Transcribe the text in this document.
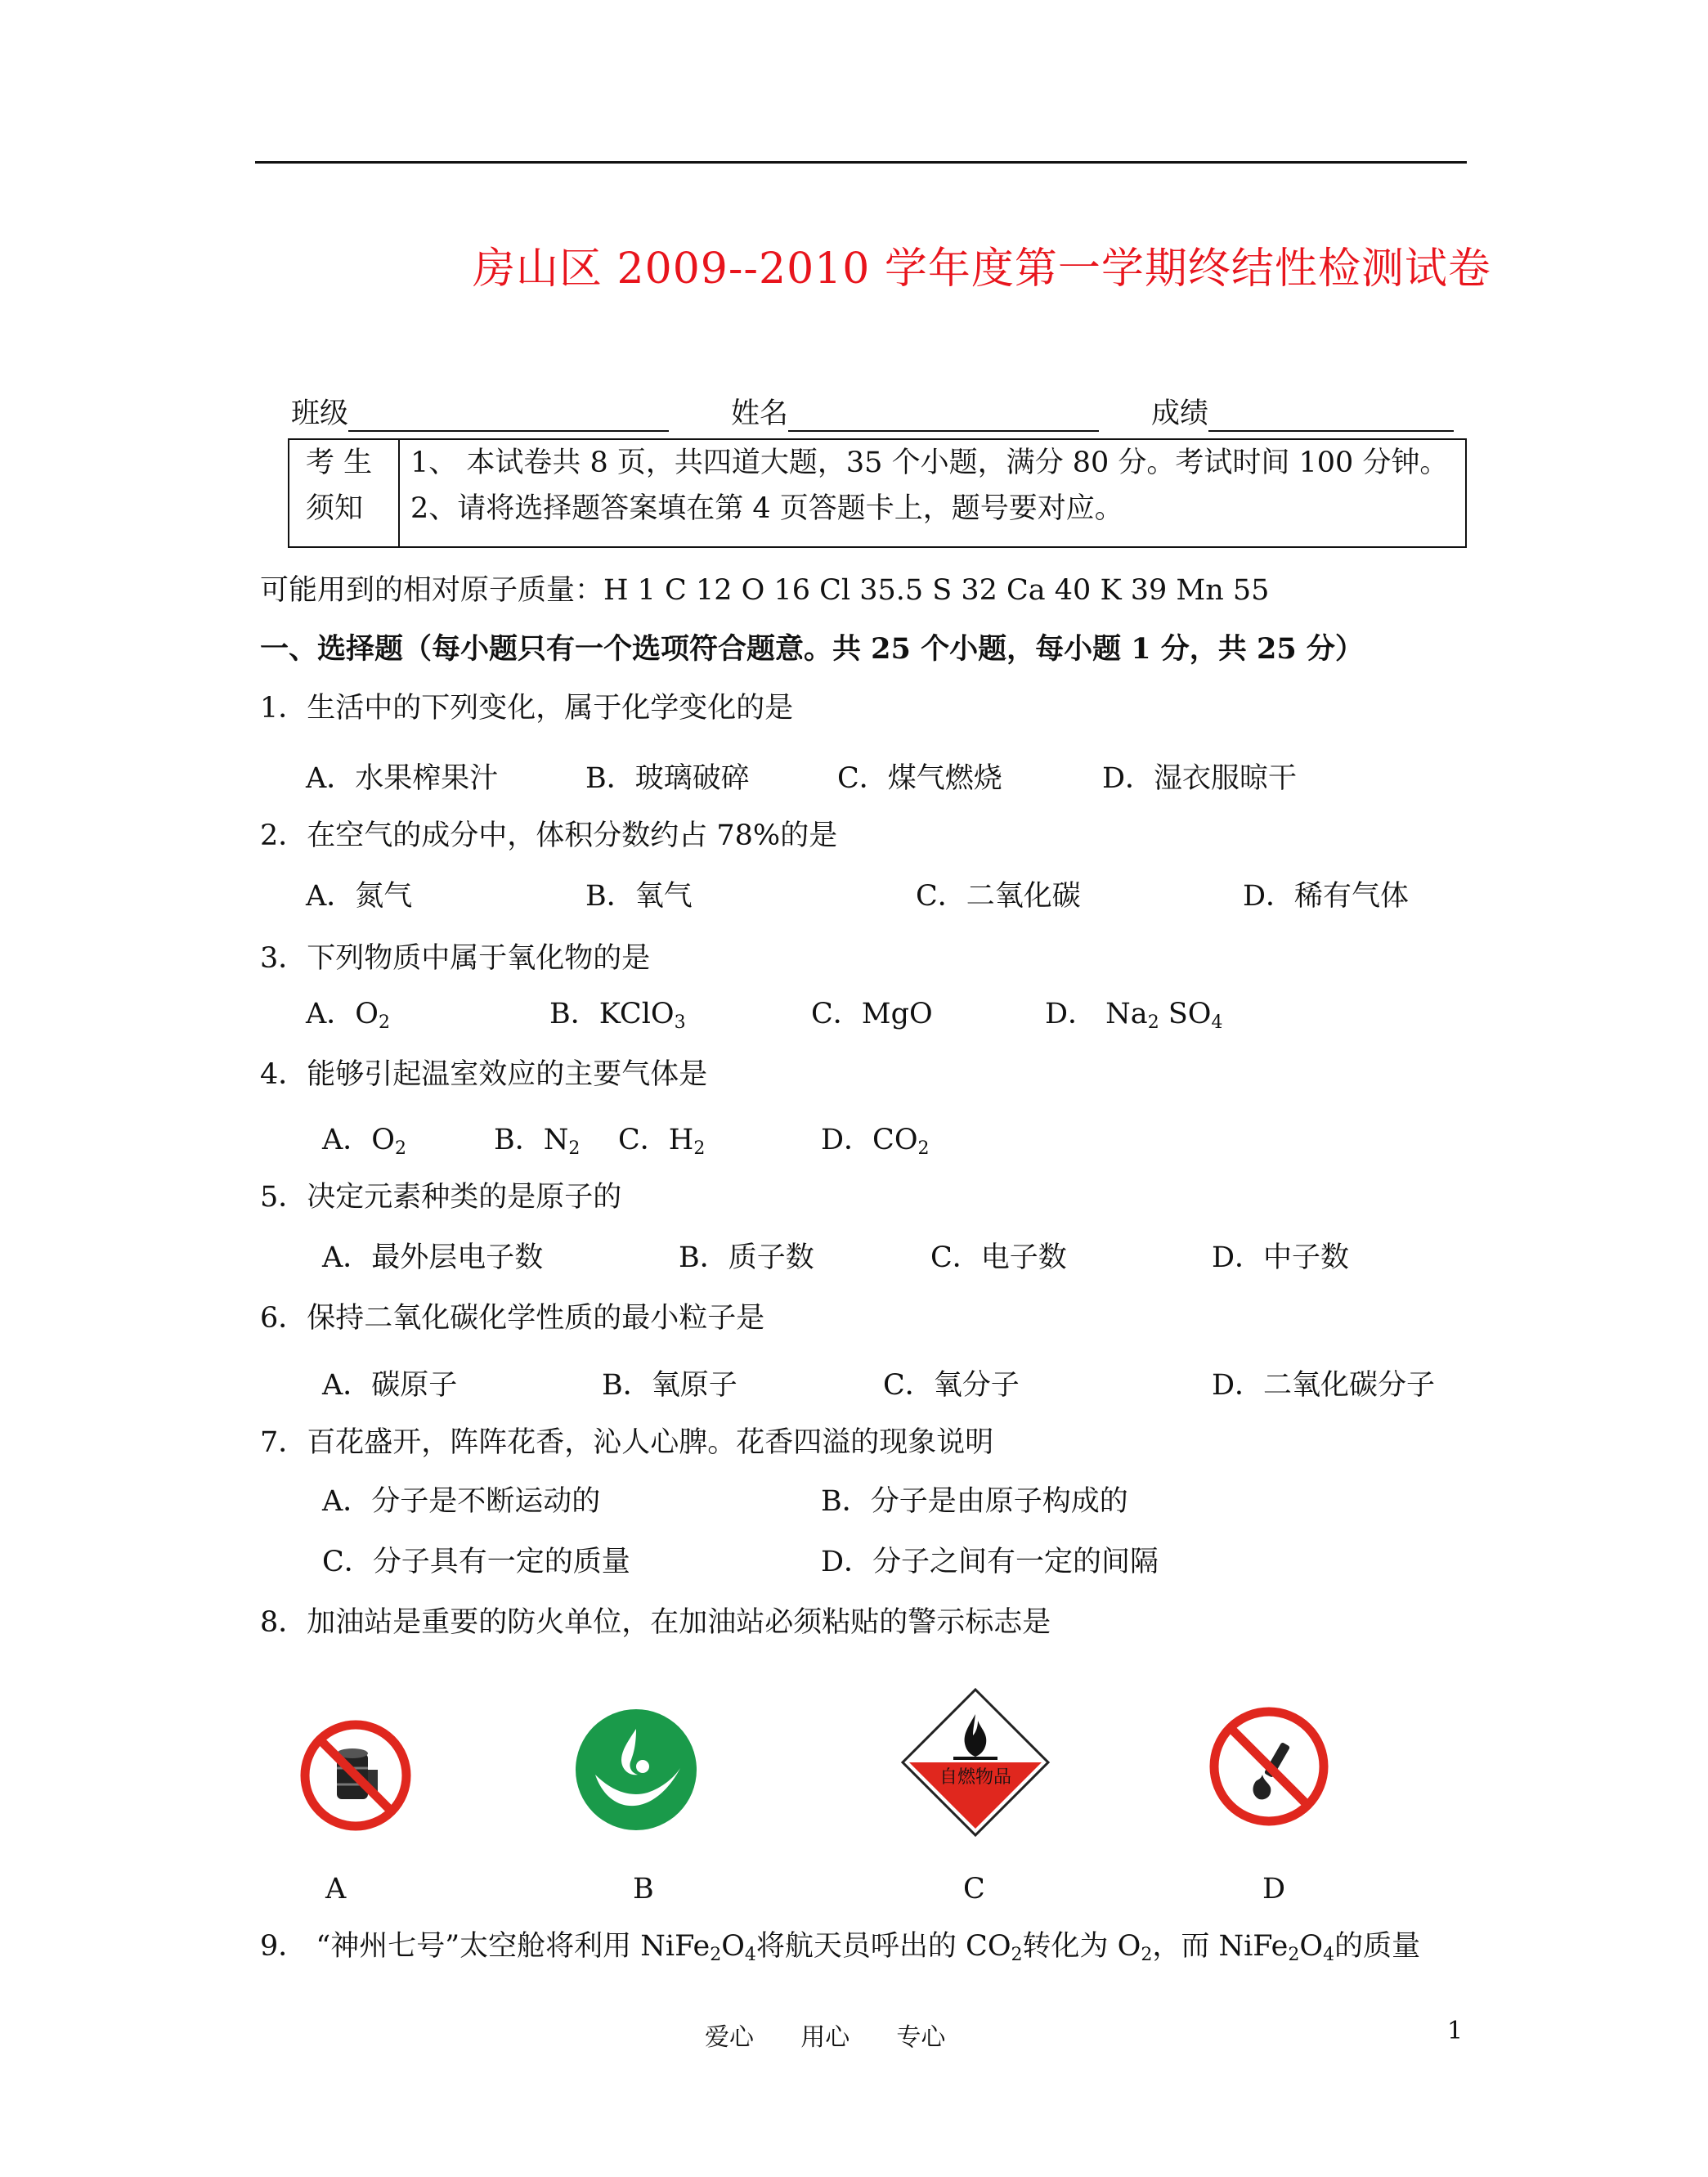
房山区 2009--2010 学年度第一学期终结性检测试卷
班级	姓名	成绩
考 生
须知
1、 本试卷共 8 页，共四道大题，35 个小题，满分 80 分。考试时间 100 分钟。
2、请将选择题答案填在第 4 页答题卡上，题号要对应。
可能用到的相对原子质量：H 1 C 12 O 16 Cl 35.5 S 32 Ca 40 K 39 Mn 55
一、选择题（每小题只有一个选项符合题意。共 25 个小题，每小题 1 分，共 25 分）
1．生活中的下列变化，属于化学变化的是
A．水果榨果汁	B．玻璃破碎	C．煤气燃烧	D．湿衣服晾干
2．在空气的成分中，体积分数约占 78%的是
A．氮气	B．氧气	C．二氧化碳	D．稀有气体
3．下列物质中属于氧化物的是
A．$O_2$	B．KClO$_3$	C．MgO	D． $Na_2$ $SO_4$
4．能够引起温室效应的主要气体是
A．$O_2$	B．$N_2$ C．$H_2$	D．$CO_2$
5．决定元素种类的是原子的
A．最外层电子数	B．质子数	C．电子数	D．中子数
6．保持二氧化碳化学性质的最小粒子是
A．碳原子	B．氧原子	C．氧分子	D．二氧化碳分子
7．百花盛开，阵阵花香，沁人心脾。花香四溢的现象说明
A．分子是不断运动的	B．分子是由原子构成的
C．分子具有一定的质量	D．分子之间有一定的间隔
8．加油站是重要的防火单位，在加油站必须粘贴的警示标志是
自燃物品
A	B	C	D
9． “神州七号”太空舱将利用 $NiFe_2O_4$将航天员呼出的 $CO_2$转化为 $O_2$，而 $NiFe_2O_4$的质量
爱心      用心      专心	1
